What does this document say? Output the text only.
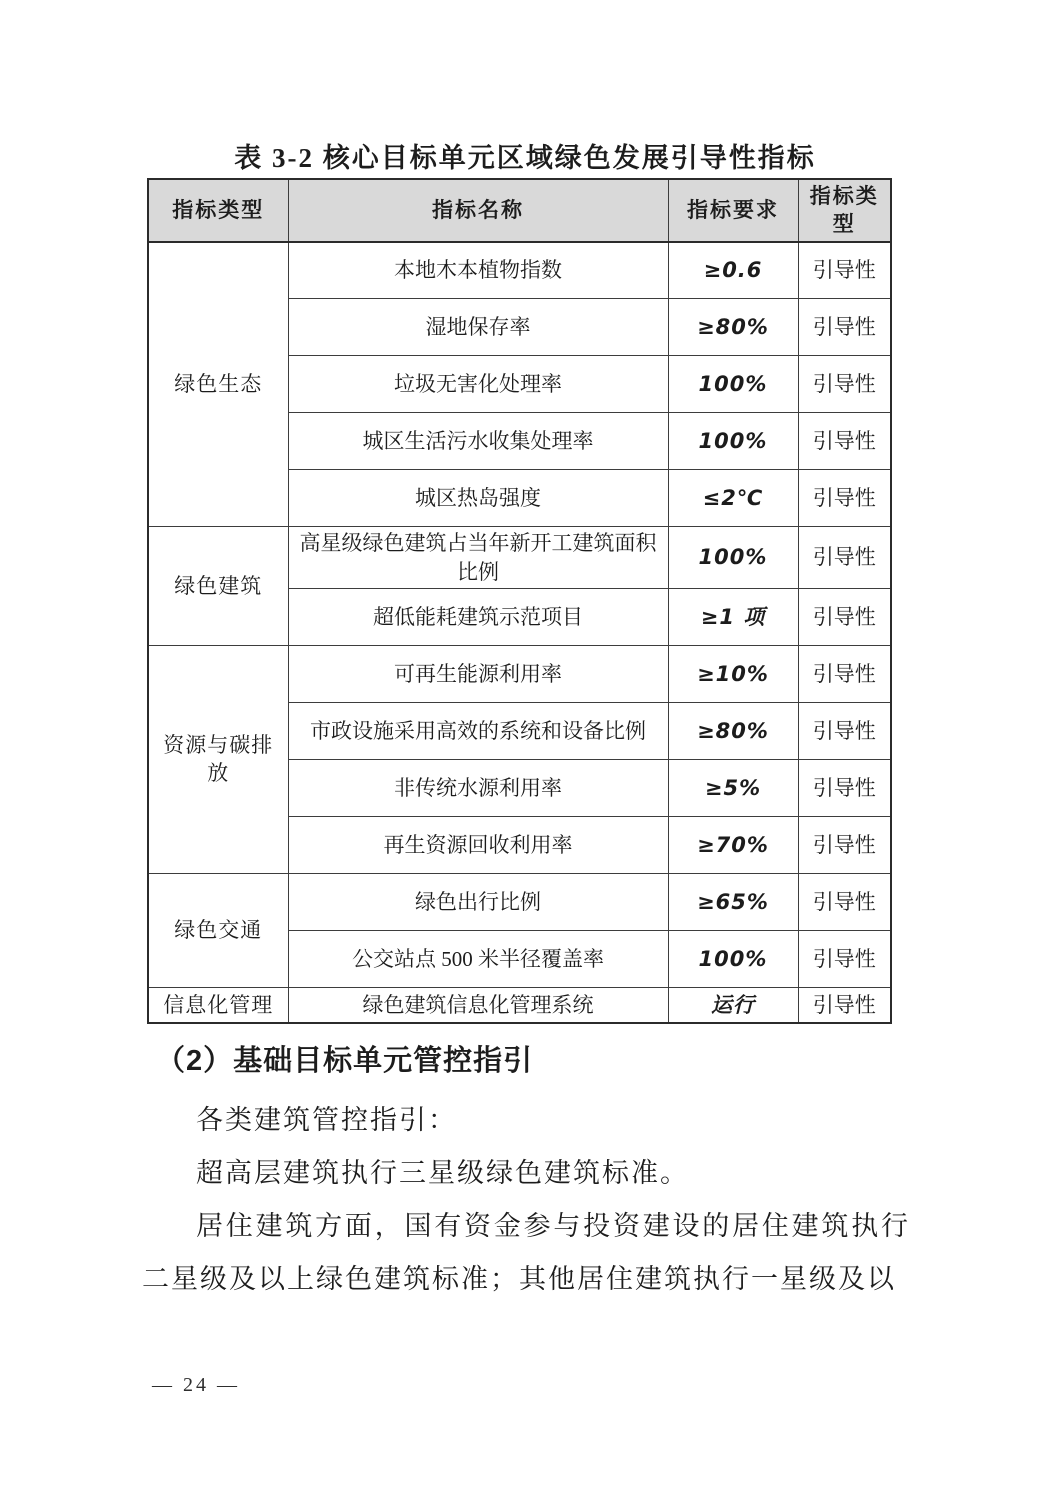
表 3-2 核心目标单元区域绿色发展引导性指标
指标类型	指标名称	指标要求	指标类型
绿色生态	本地木本植物指数	≥0.6	引导性
	湿地保存率	≥80%	引导性
	垃圾无害化处理率	100%	引导性
	城区生活污水收集处理率	100%	引导性
	城区热岛强度	≤2℃	引导性
绿色建筑	高星级绿色建筑占当年新开工建筑面积比例	100%	引导性
	超低能耗建筑示范项目	≥1 项	引导性
资源与碳排放	可再生能源利用率	≥10%	引导性
	市政设施采用高效的系统和设备比例	≥80%	引导性
	非传统水源利用率	≥5%	引导性
	再生资源回收利用率	≥70%	引导性
绿色交通	绿色出行比例	≥65%	引导性
	公交站点 500 米半径覆盖率	100%	引导性
信息化管理	绿色建筑信息化管理系统	运行	引导性
（2）基础目标单元管控指引

各类建筑管控指引：

超高层建筑执行三星级绿色建筑标准。

居住建筑方面，国有资金参与投资建设的居住建筑执行二星级及以上绿色建筑标准；其他居住建筑执行一星级及以

— 24 —
